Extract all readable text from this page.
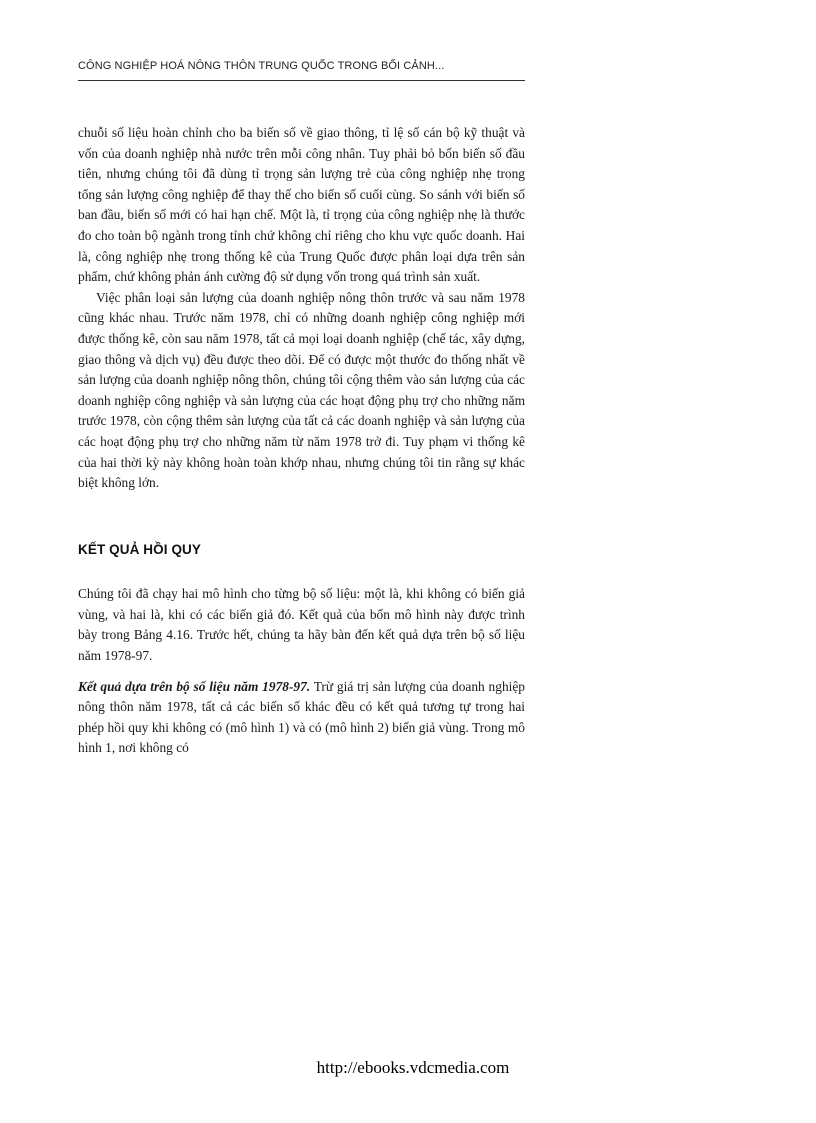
CÔNG NGHIỆP HOÁ NÔNG THÔN TRUNG QUỐC TRONG BỐI CẢNH...

chuỗi số liệu hoàn chỉnh cho ba biến số về giao thông, tỉ lệ số cán bộ kỹ thuật và vốn của doanh nghiệp nhà nước trên mỗi công nhân. Tuy phải bỏ bốn biến số đầu tiên, nhưng chúng tôi đã dùng tỉ trọng sản lượng trẻ của công nghiệp nhẹ trong tổng sản lượng công nghiệp để thay thế cho biến số cuối cùng. So sánh với biến số ban đầu, biến số mới có hai hạn chế. Một là, tỉ trọng của công nghiệp nhẹ là thước đo cho toàn bộ ngành trong tỉnh chứ không chỉ riêng cho khu vực quốc doanh. Hai là, công nghiệp nhẹ trong thống kê của Trung Quốc được phân loại dựa trên sản phẩm, chứ không phản ánh cường độ sử dụng vốn trong quá trình sản xuất.

Việc phân loại sản lượng của doanh nghiệp nông thôn trước và sau năm 1978 cũng khác nhau. Trước năm 1978, chỉ có những doanh nghiệp công nghiệp mới được thống kê, còn sau năm 1978, tất cả mọi loại doanh nghiệp (chế tác, xây dựng, giao thông và dịch vụ) đều được theo dõi. Để có được một thước đo thống nhất về sản lượng của doanh nghiệp nông thôn, chúng tôi cộng thêm vào sản lượng của các doanh nghiệp công nghiệp và sản lượng của các hoạt động phụ trợ cho những năm trước 1978, còn cộng thêm sản lượng của tất cả các doanh nghiệp và sản lượng của các hoạt động phụ trợ cho những năm từ năm 1978 trở đi. Tuy phạm vi thống kê của hai thời kỳ này không hoàn toàn khớp nhau, nhưng chúng tôi tin rằng sự khác biệt không lớn.

KẾT QUẢ HỒI QUY

Chúng tôi đã chạy hai mô hình cho từng bộ số liệu: một là, khi không có biến giả vùng, và hai là, khi có các biến giả đó. Kết quả của bốn mô hình này được trình bày trong Bảng 4.16. Trước hết, chúng ta hãy bàn đến kết quả dựa trên bộ số liệu năm 1978-97.

Kết quả dựa trên bộ số liệu năm 1978-97. Trừ giá trị sản lượng của doanh nghiệp nông thôn năm 1978, tất cả các biến số khác đều có kết quả tương tự trong hai phép hồi quy khi không có (mô hình 1) và có (mô hình 2) biến giả vùng. Trong mô hình 1, nơi không có

http://ebooks.vdcmedia.com
